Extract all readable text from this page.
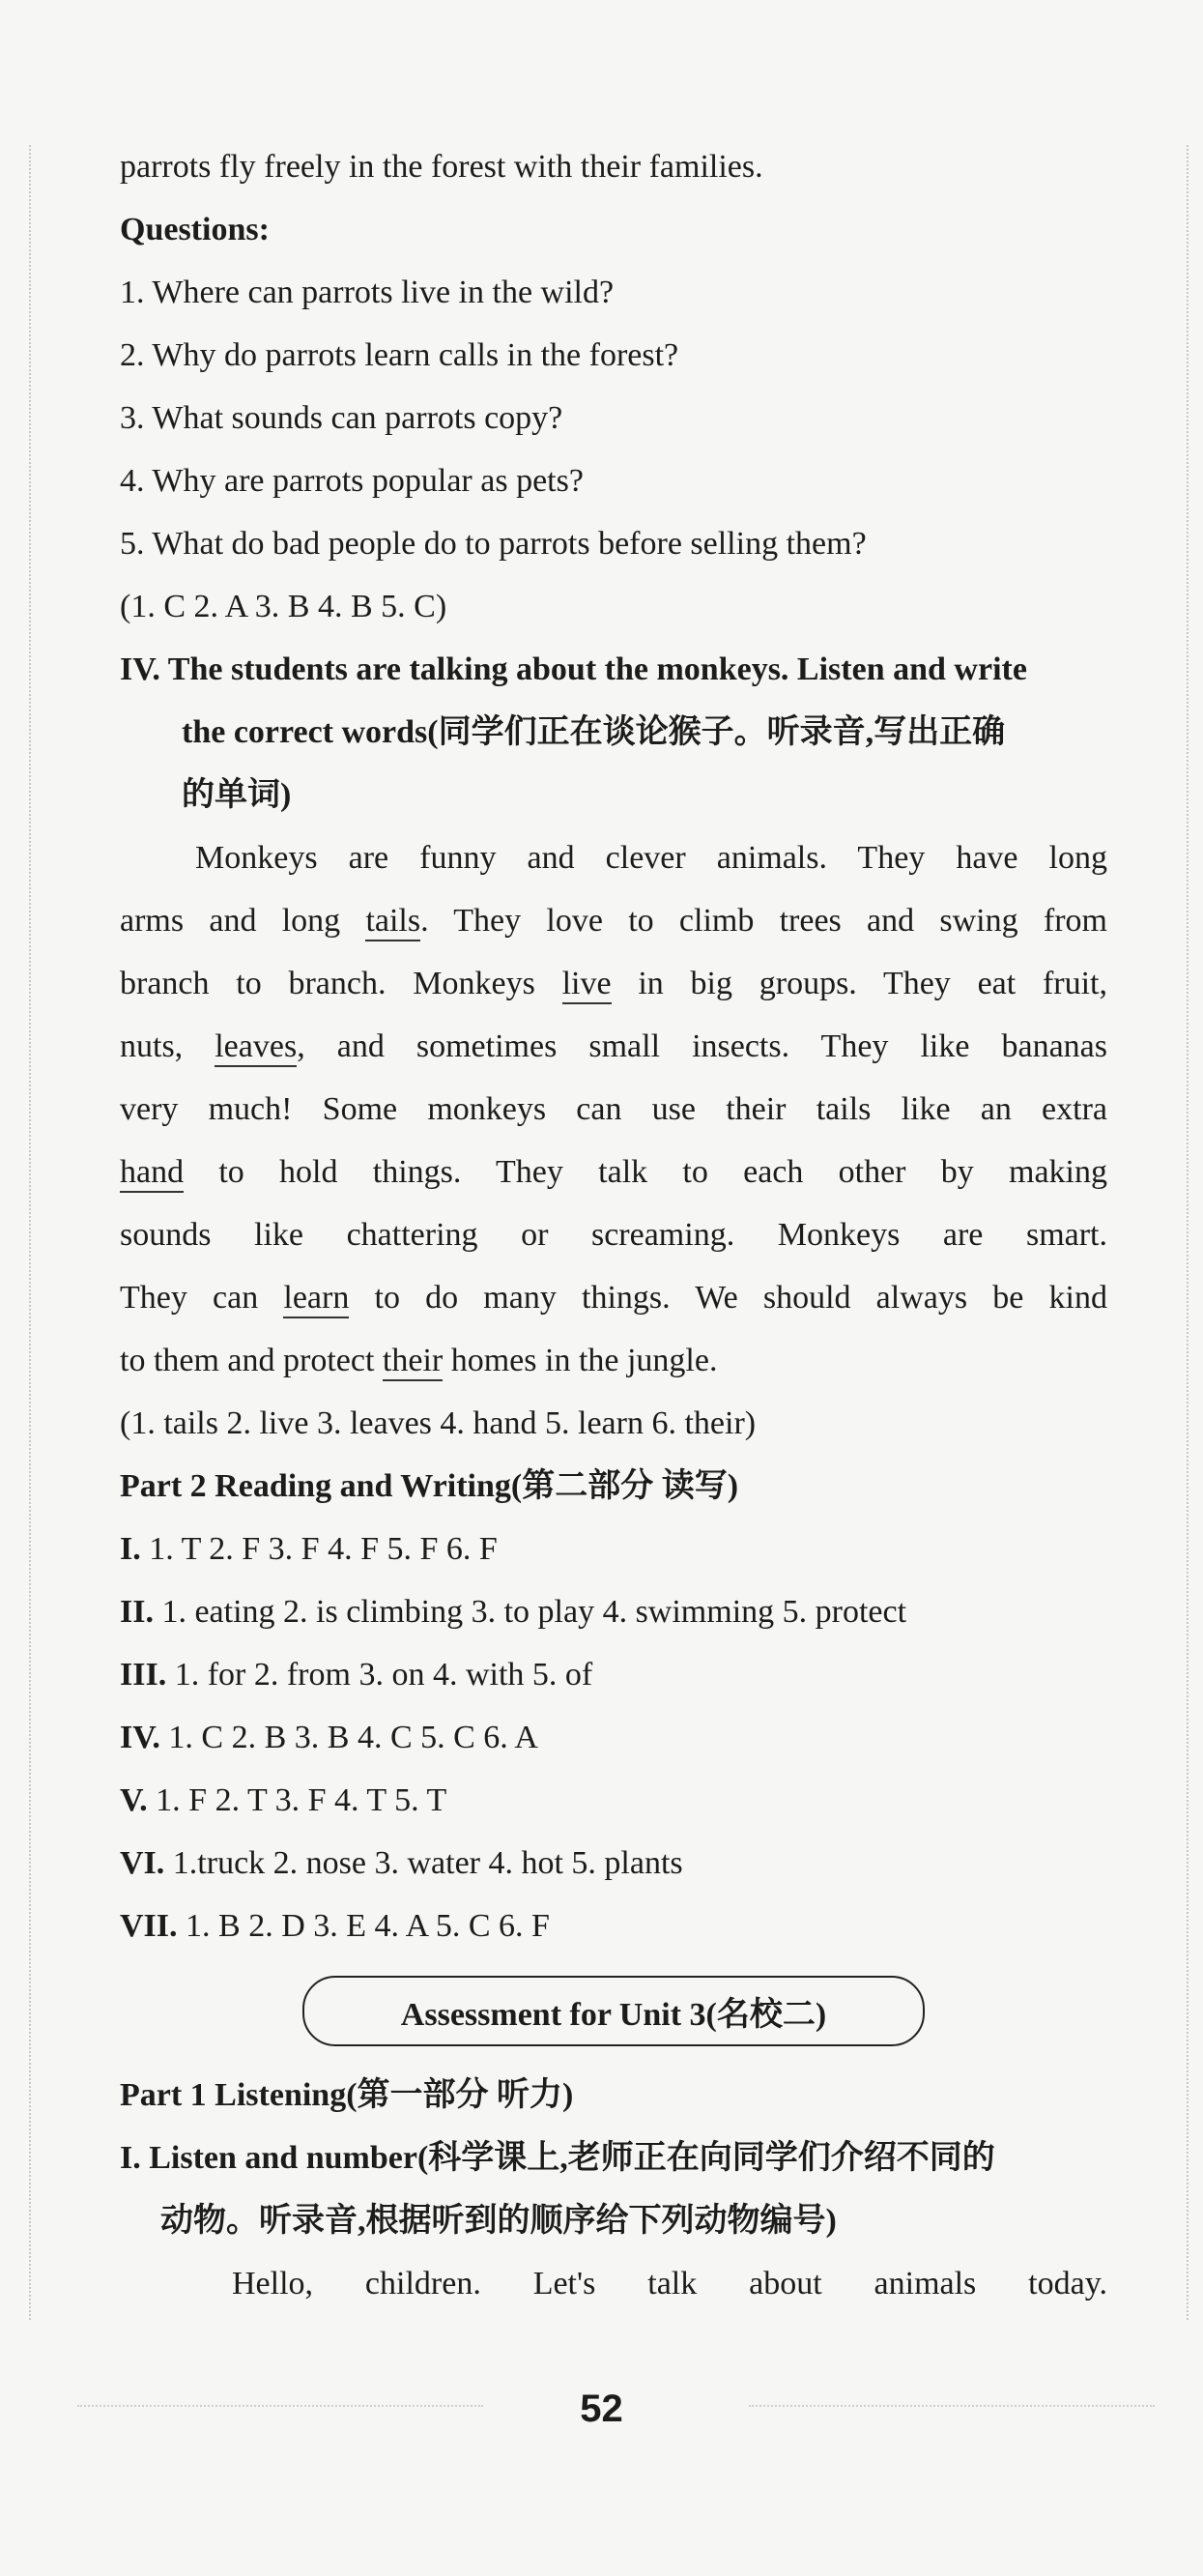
parrots fly freely in the forest with their families.
Questions:
1. Where can parrots live in the wild?
2. Why do parrots learn calls in the forest?
3. What sounds can parrots copy?
4. Why are parrots popular as pets?
5. What do bad people do to parrots before selling them?
(1. C 2. A 3. B 4. B 5. C)
IV. The students are talking about the monkeys. Listen and write
the correct words(同学们正在谈论猴子。听录音,写出正确
的单词)
Monkeys are funny and clever animals. They have long
arms and long tails. They love to climb trees and swing from
branch to branch. Monkeys live in big groups. They eat fruit,
nuts, leaves, and sometimes small insects. They like bananas
very much! Some monkeys can use their tails like an extra
hand to hold things. They talk to each other by making
sounds like chattering or screaming. Monkeys are smart.
They can learn to do many things. We should always be kind
to them and protect their homes in the jungle.
(1. tails 2. live 3. leaves 4. hand 5. learn 6. their)
Part 2 Reading and Writing(第二部分 读写)
I. 1. T 2. F 3. F 4. F 5. F 6. F
II. 1. eating 2. is climbing 3. to play 4. swimming 5. protect
III. 1. for 2. from 3. on 4. with 5. of
IV. 1. C 2. B 3. B 4. C 5. C 6. A
V. 1. F 2. T 3. F 4. T 5. T
VI. 1.truck 2. nose 3. water 4. hot 5. plants
VII. 1. B 2. D 3. E 4. A 5. C 6. F
Assessment for Unit 3(名校二)
Part 1 Listening(第一部分 听力)
I. Listen and number(科学课上,老师正在向同学们介绍不同的
动物。听录音,根据听到的顺序给下列动物编号)
Hello, children. Let's talk about animals today.
52
